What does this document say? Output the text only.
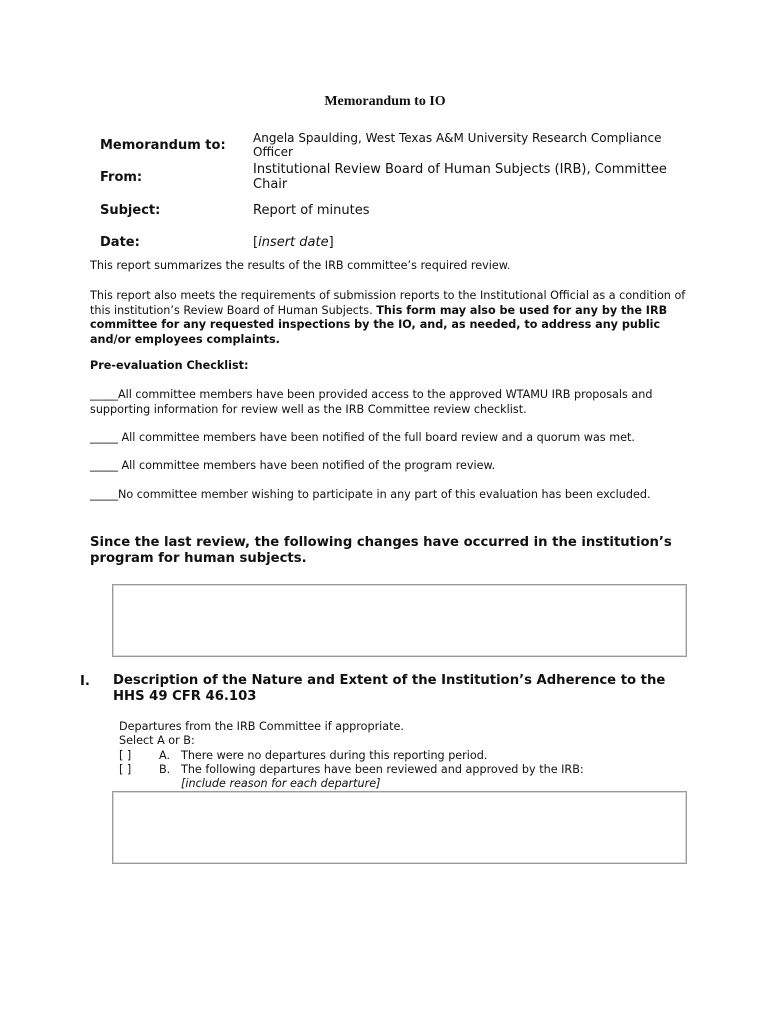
Memorandum to IO
Memorandum to: Angela Spaulding, West Texas A&M University Research Compliance Officer
From:
Institutional Review Board of Human Subjects (IRB), Committee Chair
Subject:	Report of minutes
Date:	[insert date]
This report summarizes the results of the IRB committee’s required review.
This report also meets the requirements of submission reports to the Institutional Official as a condition of this institution’s Review Board of Human Subjects. This form may also be used for any by the IRB committee for any requested inspections by the IO, and, as needed, to address any public and/or employees complaints.
Pre-evaluation Checklist:
_____All committee members have been provided access to the approved WTAMU IRB proposals and supporting information for review well as the IRB Committee review checklist.
_____ All committee members have been notified of the full board review and a quorum was met.
_____ All committee members have been notified of the program review.
_____No committee member wishing to participate in any part of this evaluation has been excluded.
Since the last review, the following changes have occurred in the institution’s program for human subjects.
I. Description of the Nature and Extent of the Institution’s Adherence to the HHS 49 CFR 46.103
Departures from the IRB Committee if appropriate.
Select A or B:
[ ] A. There were no departures during this reporting period.
[ ] B. The following departures have been reviewed and approved by the IRB:
[include reason for each departure]
